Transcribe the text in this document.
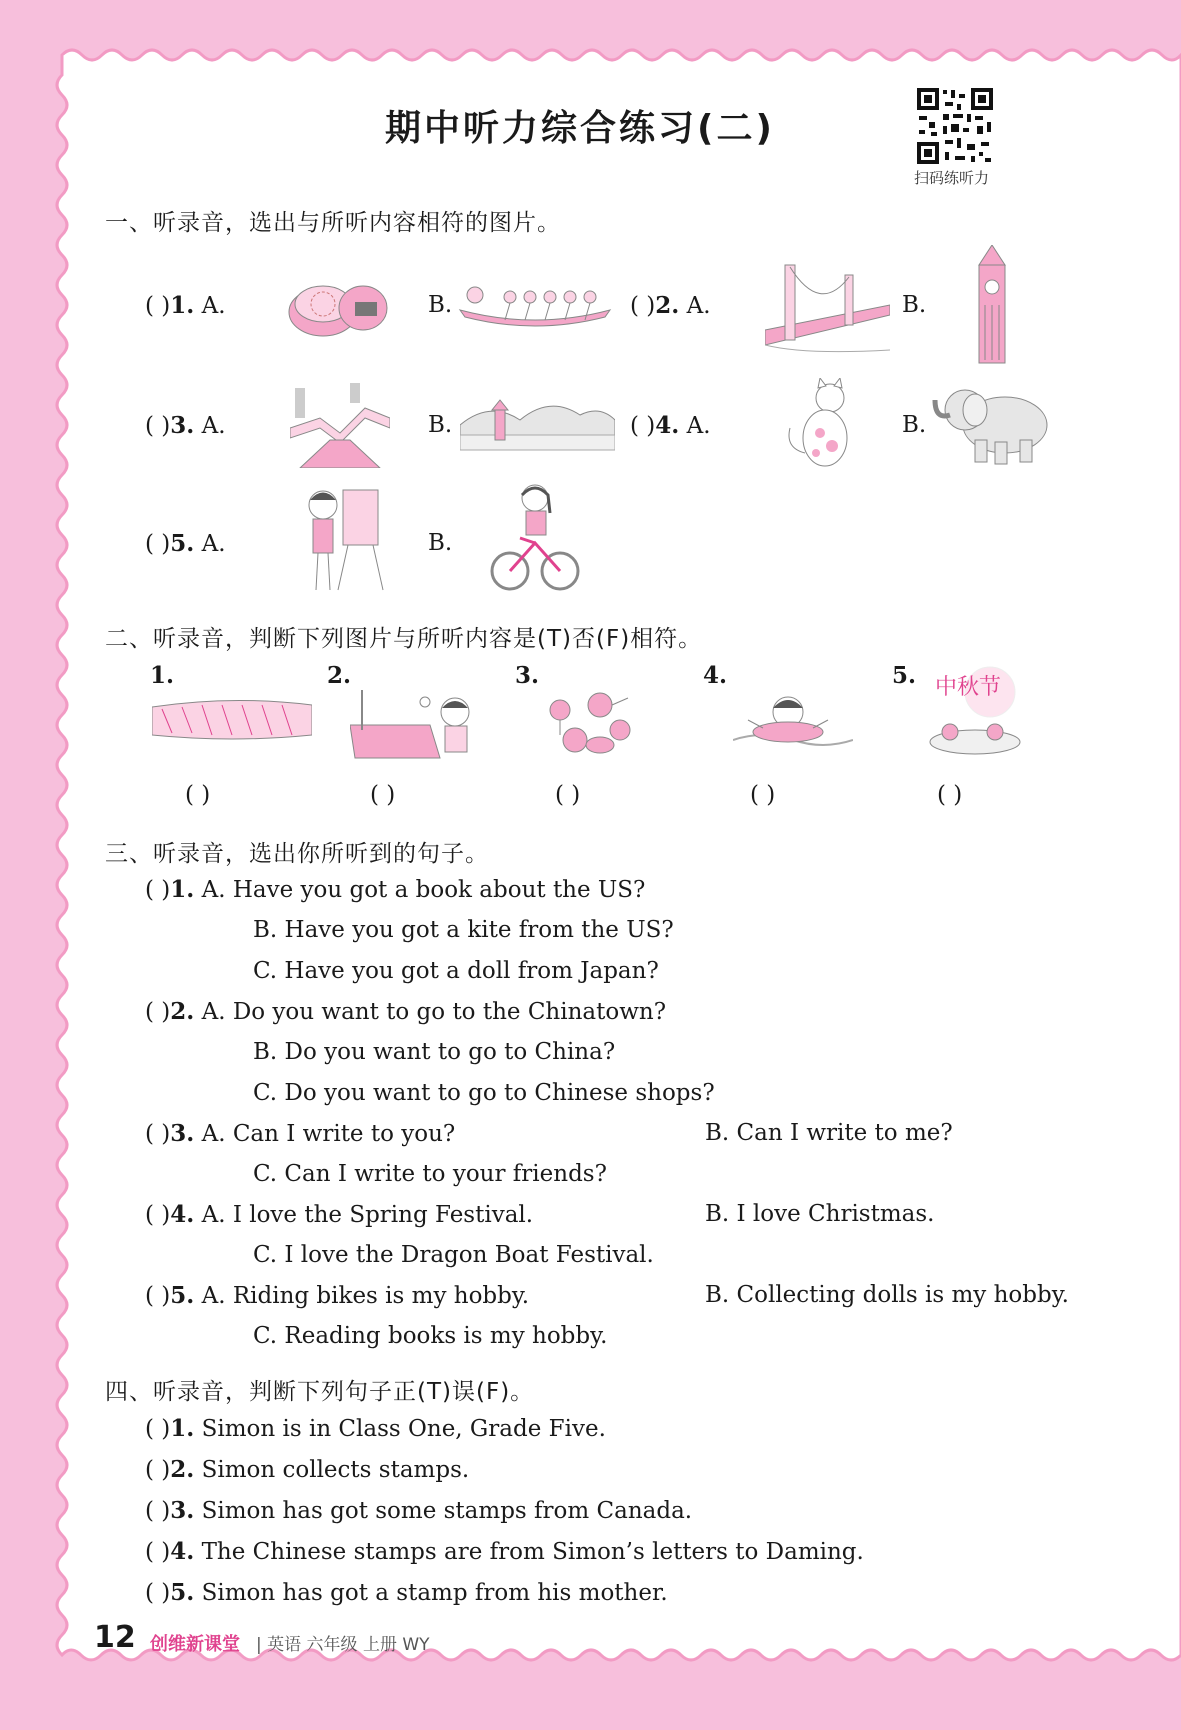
期中听力综合练习(二)
扫码练听力
一、听录音，选出与所听内容相符的图片。
( )1. A.	B.	( )2. A.	B.
( )3. A.	B.	( )4. A.	B.
( )5. A.	B.
二、听录音，判断下列图片与所听内容是(T)否(F)相符。
1.	2.	3.	4.	5. 中秋节
( )	( )	( )	( )	( )
三、听录音，选出你所听到的句子。
( )1. A. Have you got a book about the US?
B. Have you got a kite from the US?
C. Have you got a doll from Japan?
( )2. A. Do you want to go to the Chinatown?
B. Do you want to go to China?
C. Do you want to go to Chinese shops?
( )3. A. Can I write to you?	B. Can I write to me?
C. Can I write to your friends?
( )4. A. I love the Spring Festival.	B. I love Christmas.
C. I love the Dragon Boat Festival.
( )5. A. Riding bikes is my hobby.	B. Collecting dolls is my hobby.
C. Reading books is my hobby.
四、听录音，判断下列句子正(T)误(F)。
( )1. Simon is in Class One, Grade Five.
( )2. Simon collects stamps.
( )3. Simon has got some stamps from Canada.
( )4. The Chinese stamps are from Simon’s letters to Daming.
( )5. Simon has got a stamp from his mother.
12 创维新课堂 | 英语 六年级 上册 WY
